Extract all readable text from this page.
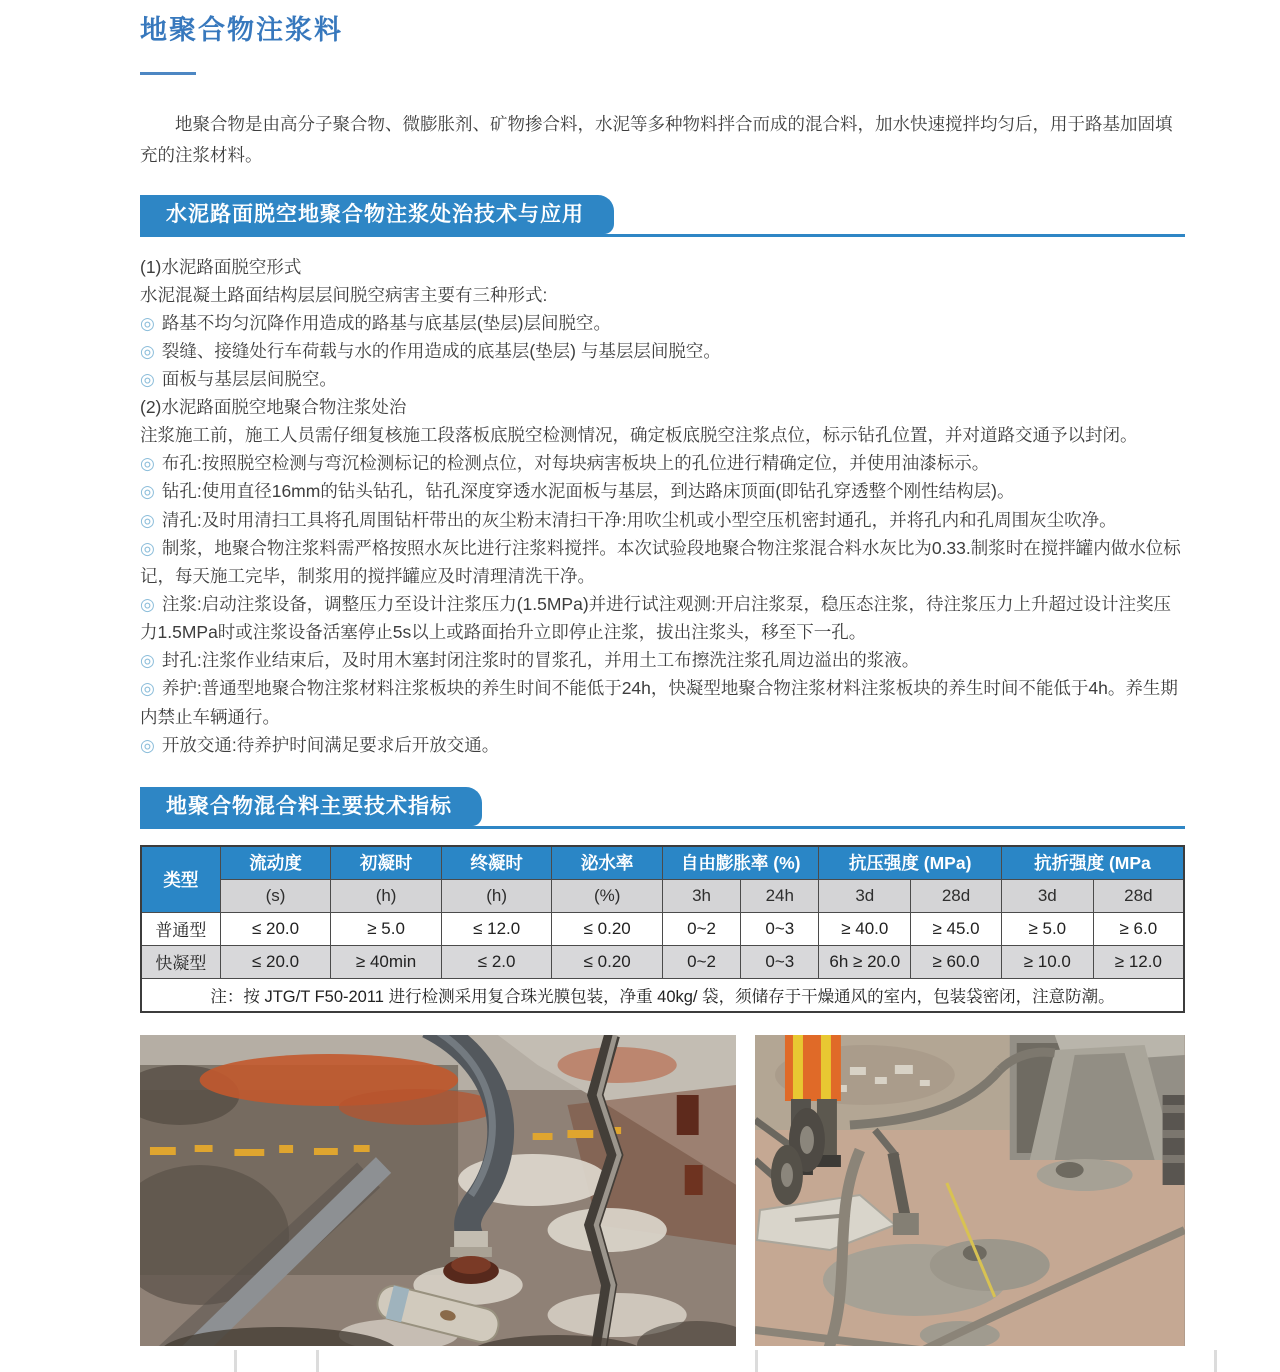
地聚合物注浆料

地聚合物是由高分子聚合物、微膨胀剂、矿物掺合料，水泥等多种物料拌合而成的混合料，加水快速搅拌均匀后，用于路基加固填充的注浆材料。

水泥路面脱空地聚合物注浆处治技术与应用

(1)水泥路面脱空形式

水泥混凝土路面结构层层间脱空病害主要有三种形式:

◎ 路基不均匀沉降作用造成的路基与底基层(垫层)层间脱空。

◎ 裂缝、接缝处行车荷载与水的作用造成的底基层(垫层) 与基层层间脱空。

◎ 面板与基层层间脱空。

(2)水泥路面脱空地聚合物注浆处治

注浆施工前，施工人员需仔细复核施工段落板底脱空检测情况，确定板底脱空注浆点位，标示钻孔位置，并对道路交通予以封闭。

◎ 布孔:按照脱空检测与弯沉检测标记的检测点位，对每块病害板块上的孔位进行精确定位，并使用油漆标示。

◎ 钻孔:使用直径16mm的钻头钻孔，钻孔深度穿透水泥面板与基层，到达路床顶面(即钻孔穿透整个刚性结构层)。

◎ 清孔:及时用清扫工具将孔周围钻杆带出的灰尘粉末清扫干净:用吹尘机或小型空压机密封通孔，并将孔内和孔周围灰尘吹净。

◎ 制浆，地聚合物注浆料需严格按照水灰比进行注浆料搅拌。本次试验段地聚合物注浆混合料水灰比为0.33.制浆时在搅拌罐内做水位标记，每天施工完毕，制浆用的搅拌罐应及时清理清洗干净。

◎ 注浆:启动注浆设备，调整压力至设计注浆压力(1.5MPa)并进行试注观测:开启注浆泵，稳压态注浆，待注浆压力上升超过设计注奖压力1.5MPa时或注浆设备活塞停止5s以上或路面抬升立即停止注浆，拔出注浆头，移至下一孔。

◎ 封孔:注浆作业结束后，及时用木塞封闭注浆时的冒浆孔，并用土工布擦洗注浆孔周边溢出的浆液。

◎ 养护:普通型地聚合物注浆材料注浆板块的养生时间不能低于24h，快凝型地聚合物注浆材料注浆板块的养生时间不能低于4h。养生期内禁止车辆通行。

◎ 开放交通:待养护时间满足要求后开放交通。

地聚合物混合料主要技术指标
类型	流动度	初凝时	终凝时	泌水率	自由膨胀率 (%)		抗压强度 (MPa)		抗折强度 (MPa	
	(s)	(h)	(h)	(%)	3h	24h	3d	28d	3d	28d
普通型	≤ 20.0	≥ 5.0	≤ 12.0	≤ 0.20	0~2	0~3	≥ 40.0	≥ 45.0	≥ 5.0	≥ 6.0
快凝型	≤ 20.0	≥ 40min	≤ 2.0	≤ 0.20	0~2	0~3	6h ≥ 20.0	≥ 60.0	≥ 10.0	≥ 12.0
注：按 JTG/T F50-2011 进行检测采用复合珠光膜包装，净重 40kg/ 袋，须储存于干燥通风的室内，包装袋密闭，注意防潮。										
